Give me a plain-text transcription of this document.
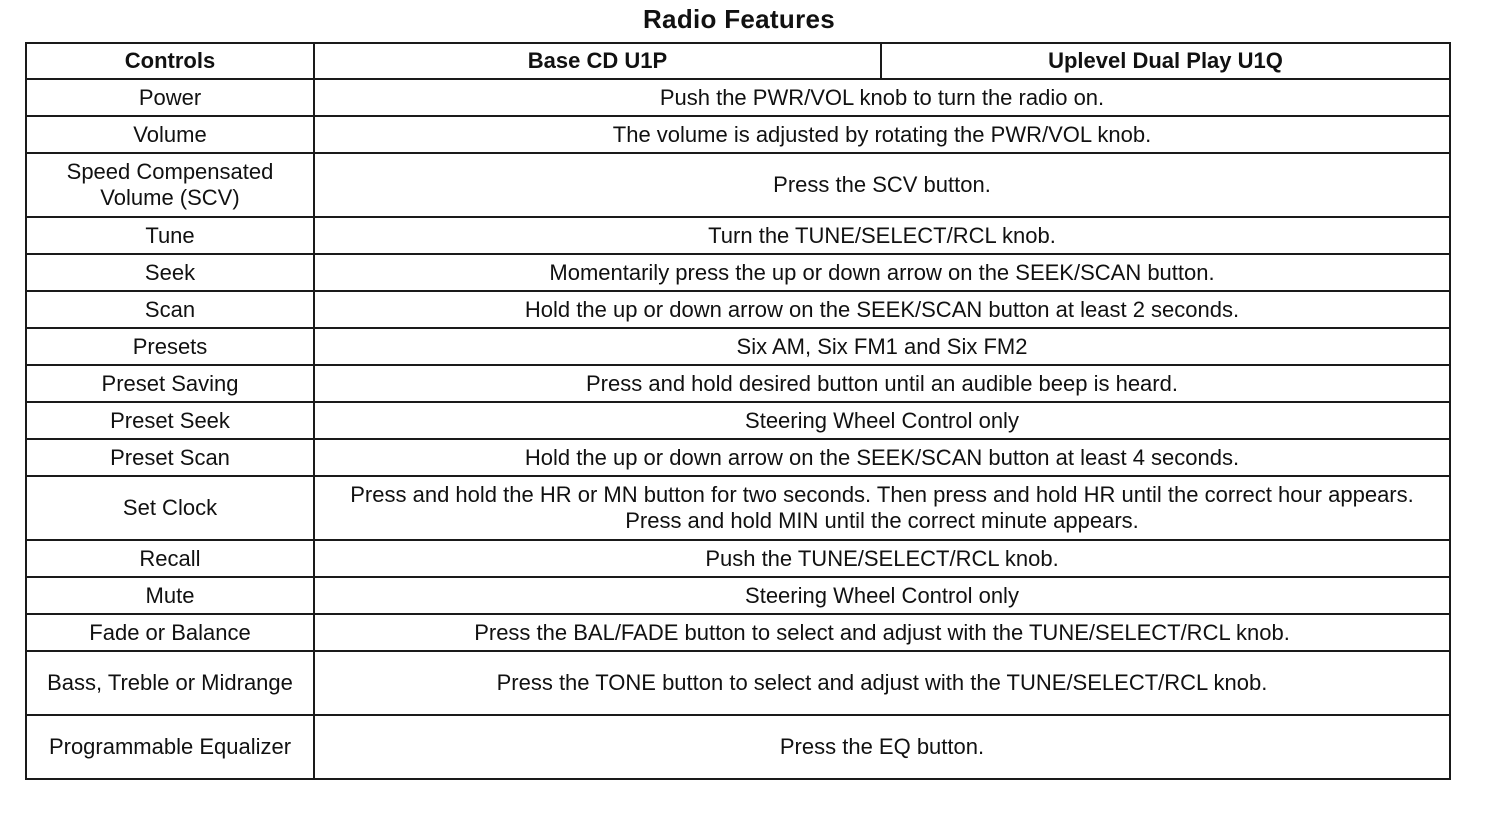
Radio Features
Controls	Base CD U1P	Uplevel Dual Play U1Q
Power	Push the PWR/VOL knob to turn the radio on.	
Volume	The volume is adjusted by rotating the PWR/VOL knob.	
Speed Compensated Volume (SCV)	Press the SCV button.	
Tune	Turn the TUNE/SELECT/RCL knob.	
Seek	Momentarily press the up or down arrow on the SEEK/SCAN button.	
Scan	Hold the up or down arrow on the SEEK/SCAN button at least 2 seconds.	
Presets	Six AM, Six FM1 and Six FM2	
Preset Saving	Press and hold desired button until an audible beep is heard.	
Preset Seek	Steering Wheel Control only	
Preset Scan	Hold the up or down arrow on the SEEK/SCAN button at least 4 seconds.	
Set Clock	Press and hold the HR or MN button for two seconds. Then press and hold HR until the correct hour appears. Press and hold MIN until the correct minute appears.	
Recall	Push the TUNE/SELECT/RCL knob.	
Mute	Steering Wheel Control only	
Fade or Balance	Press the BAL/FADE button to select and adjust with the TUNE/SELECT/RCL knob.	
Bass, Treble or Midrange	Press the TONE button to select and adjust with the TUNE/SELECT/RCL knob.	
Programmable Equalizer	Press the EQ button.	
